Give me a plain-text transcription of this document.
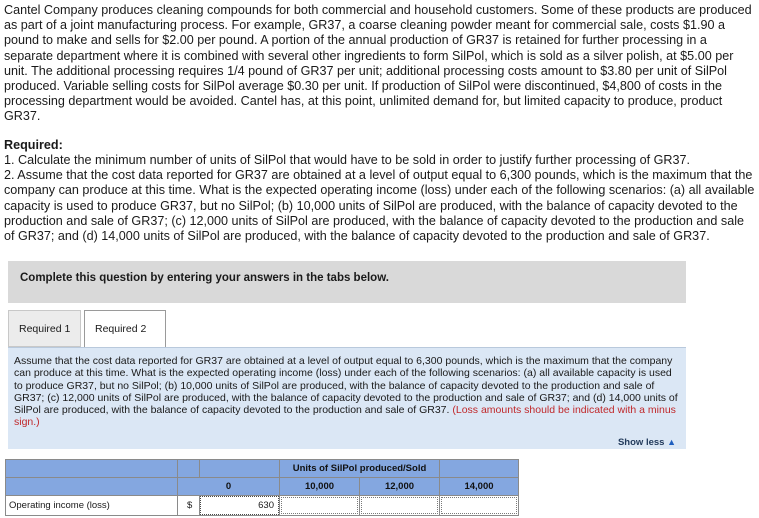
Cantel Company produces cleaning compounds for both commercial and household customers. Some of these products are produced as part of a joint manufacturing process. For example, GR37, a coarse cleaning powder meant for commercial sale, costs $1.90 a pound to make and sells for $2.00 per pound. A portion of the annual production of GR37 is retained for further processing in a separate department where it is combined with several other ingredients to form SilPol, which is sold as a silver polish, at $5.00 per unit. The additional processing requires 1/4 pound of GR37 per unit; additional processing costs amount to $3.80 per unit of SilPol produced. Variable selling costs for SilPol average $0.30 per unit. If production of SilPol were discontinued, $4,800 of costs in the processing department would be avoided. Cantel has, at this point, unlimited demand for, but limited capacity to produce, product GR37.

Required:

1. Calculate the minimum number of units of SilPol that would have to be sold in order to justify further processing of GR37.

2. Assume that the cost data reported for GR37 are obtained at a level of output equal to 6,300 pounds, which is the maximum that the company can produce at this time. What is the expected operating income (loss) under each of the following scenarios: (a) all available capacity is used to produce GR37, but no SilPol; (b) 10,000 units of SilPol are produced, with the balance of capacity devoted to the production and sale of GR37; (c) 12,000 units of SilPol are produced, with the balance of capacity devoted to the production and sale of GR37; and (d) 14,000 units of SilPol are produced, with the balance of capacity devoted to the production and sale of GR37.

Complete this question by entering your answers in the tabs below.
Required 1	Required 2

Assume that the cost data reported for GR37 are obtained at a level of output equal to 6,300 pounds, which is the maximum that the company can produce at this time. What is the expected operating income (loss) under each of the following scenarios: (a) all available capacity is used to produce GR37, but no SilPol; (b) 10,000 units of SilPol are produced, with the balance of capacity devoted to the production and sale of GR37; (c) 12,000 units of SilPol are produced, with the balance of capacity devoted to the production and sale of GR37; and (d) 14,000 units of SilPol are produced, with the balance of capacity devoted to the production and sale of GR37. (Loss amounts should be indicated with a minus sign.)

Show less ▲
			Units of SilPol produced/Sold		
	0		10,000	12,000	14,000
Operating income (loss)	$	630			
